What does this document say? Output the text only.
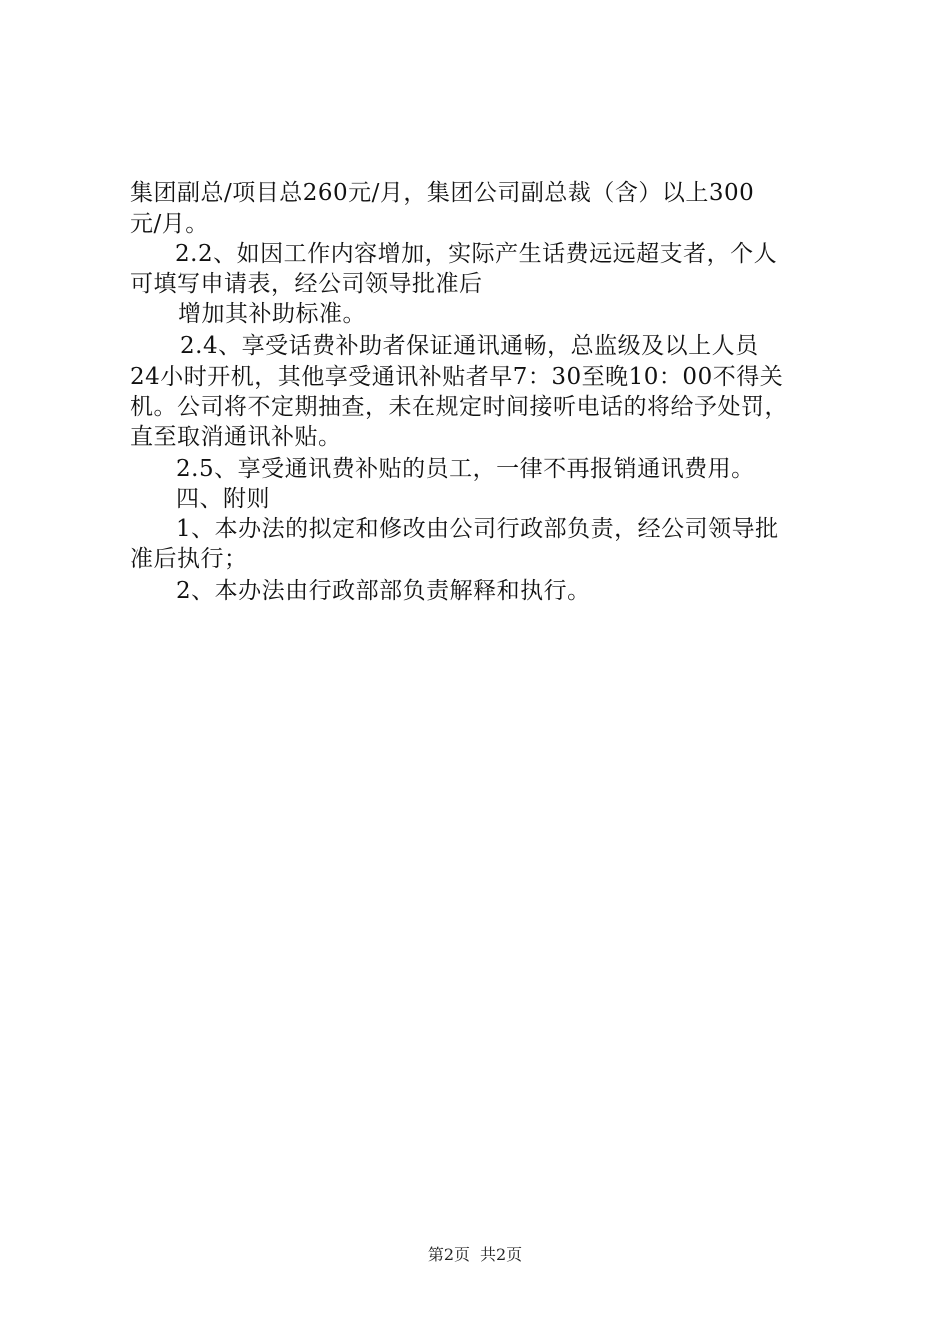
集团副总/项目总260元/月，集团公司副总裁（含）以上300
元/月。
2.2、如因工作内容增加，实际产生话费远远超支者，个人
可填写申请表，经公司领导批准后
增加其补助标准。
2.4、享受话费补助者保证通讯通畅，总监级及以上人员
24小时开机，其他享受通讯补贴者早7：30至晚10：00不得关
机。公司将不定期抽查，未在规定时间接听电话的将给予处罚，
直至取消通讯补贴。
2.5、享受通讯费补贴的员工，一律不再报销通讯费用。
四、附则
1、本办法的拟定和修改由公司行政部负责，经公司领导批
准后执行；
2、本办法由行政部部负责解释和执行。
第2页 共2页
